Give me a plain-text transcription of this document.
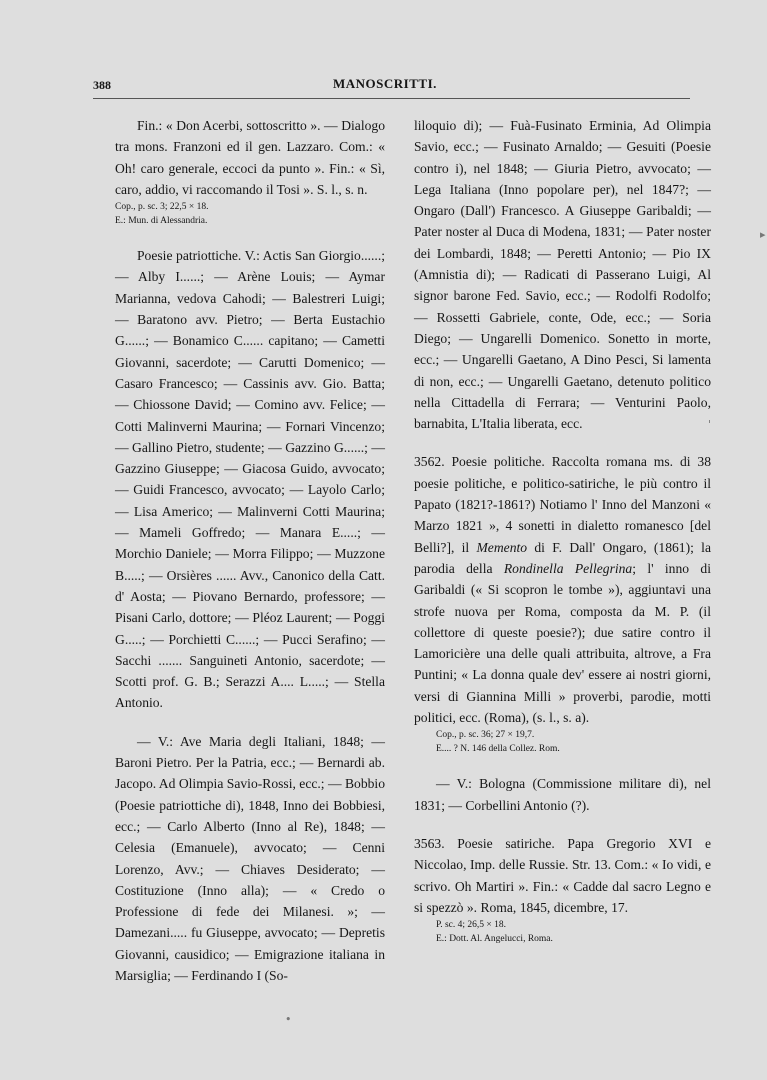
388	MANOSCRITTI.

Fin.: « Don Acerbi, sottoscritto ». — Dialogo tra mons. Franzoni ed il gen. Lazzaro. Com.: « Oh! caro generale, eccoci da punto ». Fin.: « Sì, caro, addio, vi raccomando il Tosi ». S. l., s. n.

Cop., p. sc. 3; 22,5 × 18.
E.: Mun. di Alessandria.

Poesie patriottiche. V.: Actis San Giorgio......; — Alby I......; — Arène Louis; — Aymar Marianna, vedova Cahodi; — Balestreri Luigi; — Baratono avv. Pietro; — Berta Eustachio G......; — Bonamico C...... capitano; — Cametti Giovanni, sacerdote; — Carutti Domenico; — Casaro Francesco; — Cassinis avv. Gio. Batta; — Chiossone David; — Comino avv. Felice; — Cotti Malinverni Maurina; — Fornari Vincenzo; — Gallino Pietro, studente; — Gazzino G......; — Gazzino Giuseppe; — Giacosa Guido, avvocato; — Guidi Francesco, avvocato; — Layolo Carlo; — Lisa Americo; — Malinverni Cotti Maurina; — Mameli Goffredo; — Manara E.....; — Morchio Daniele; — Morra Filippo; — Muzzone B.....; — Orsières ...... Avv., Canonico della Catt. d' Aosta; — Piovano Bernardo, professore; — Pisani Carlo, dottore; — Pléoz Laurent; — Poggi G.....; — Porchietti C......; — Pucci Serafino; — Sacchi ....... Sanguineti Antonio, sacerdote; — Scotti prof. G. B.; Serazzi A.... L.....; — Stella Antonio.

— V.: Ave Maria degli Italiani, 1848; — Baroni Pietro. Per la Patria, ecc.; — Bernardi ab. Jacopo. Ad Olimpia Savio-Rossi, ecc.; — Bobbio (Poesie patriottiche di), 1848, Inno dei Bobbiesi, ecc.; — Carlo Alberto (Inno al Re), 1848; — Celesia (Emanuele), avvocato; — Cenni Lorenzo, Avv.; — Chiaves Desiderato; — Costituzione (Inno alla); — « Credo o Professione di fede dei Milanesi. »; — Damezani..... fu Giuseppe, avvocato; — Depretis Giovanni, causidico; — Emigrazione italiana in Marsiglia; — Ferdinando I (So-

liloquio di); — Fuà-Fusinato Erminia, Ad Olimpia Savio, ecc.; — Fusinato Arnaldo; — Gesuiti (Poesie contro i), nel 1848; — Giuria Pietro, avvocato; — Lega Italiana (Inno popolare per), nel 1847?; — Ongaro (Dall') Francesco. A Giuseppe Garibaldi; — Pater noster al Duca di Modena, 1831; — Pater noster dei Lombardi, 1848; — Peretti Antonio; — Pio IX (Amnistia di); — Radicati di Passerano Luigi, Al signor barone Fed. Savio, ecc.; — Rodolfi Rodolfo; — Rossetti Gabriele, conte, Ode, ecc.; — Soria Diego; — Ungarelli Domenico. Sonetto in morte, ecc.; — Ungarelli Gaetano, A Dino Pesci, Si lamenta di non, ecc.; — Ungarelli Gaetano, detenuto politico nella Cittadella di Ferrara; — Venturini Paolo, barnabita, L'Italia liberata, ecc.

3562. Poesie politiche. Raccolta romana ms. di 38 poesie politiche, e politico-satiriche, le più contro il Papato (1821?-1861?) Notiamo l' Inno del Manzoni « Marzo 1821 », 4 sonetti in dialetto romanesco [del Belli?], il Memento di F. Dall' Ongaro, (1861); la parodia della Rondinella Pellegrina; l' inno di Garibaldi (« Si scopron le tombe »), aggiuntavi una strofe nuova per Roma, composta da M. P. (il collettore di queste poesie?); due satire contro il Lamoricière una delle quali attribuita, altrove, a Fra Puntini; « La donna quale dev' essere ai nostri giorni, versi di Giannina Milli » proverbi, parodie, motti politici, ecc. (Roma), (s. l., s. a).

Cop., p. sc. 36; 27 × 19,7.
E.... ? N. 146 della Collez. Rom.

— V.: Bologna (Commissione militare di), nel 1831; — Corbellini Antonio (?).

3563. Poesie satiriche. Papa Gregorio XVI e Niccolao, Imp. delle Russie. Str. 13. Com.: « Io vidi, e scrivo. Oh Martiri ». Fin.: « Cadde dal sacro Legno e si spezzò ». Roma, 1845, dicembre, 17.

P. sc. 4; 26,5 × 18.
E.: Dott. Al. Angelucci, Roma.
▸
'
•
